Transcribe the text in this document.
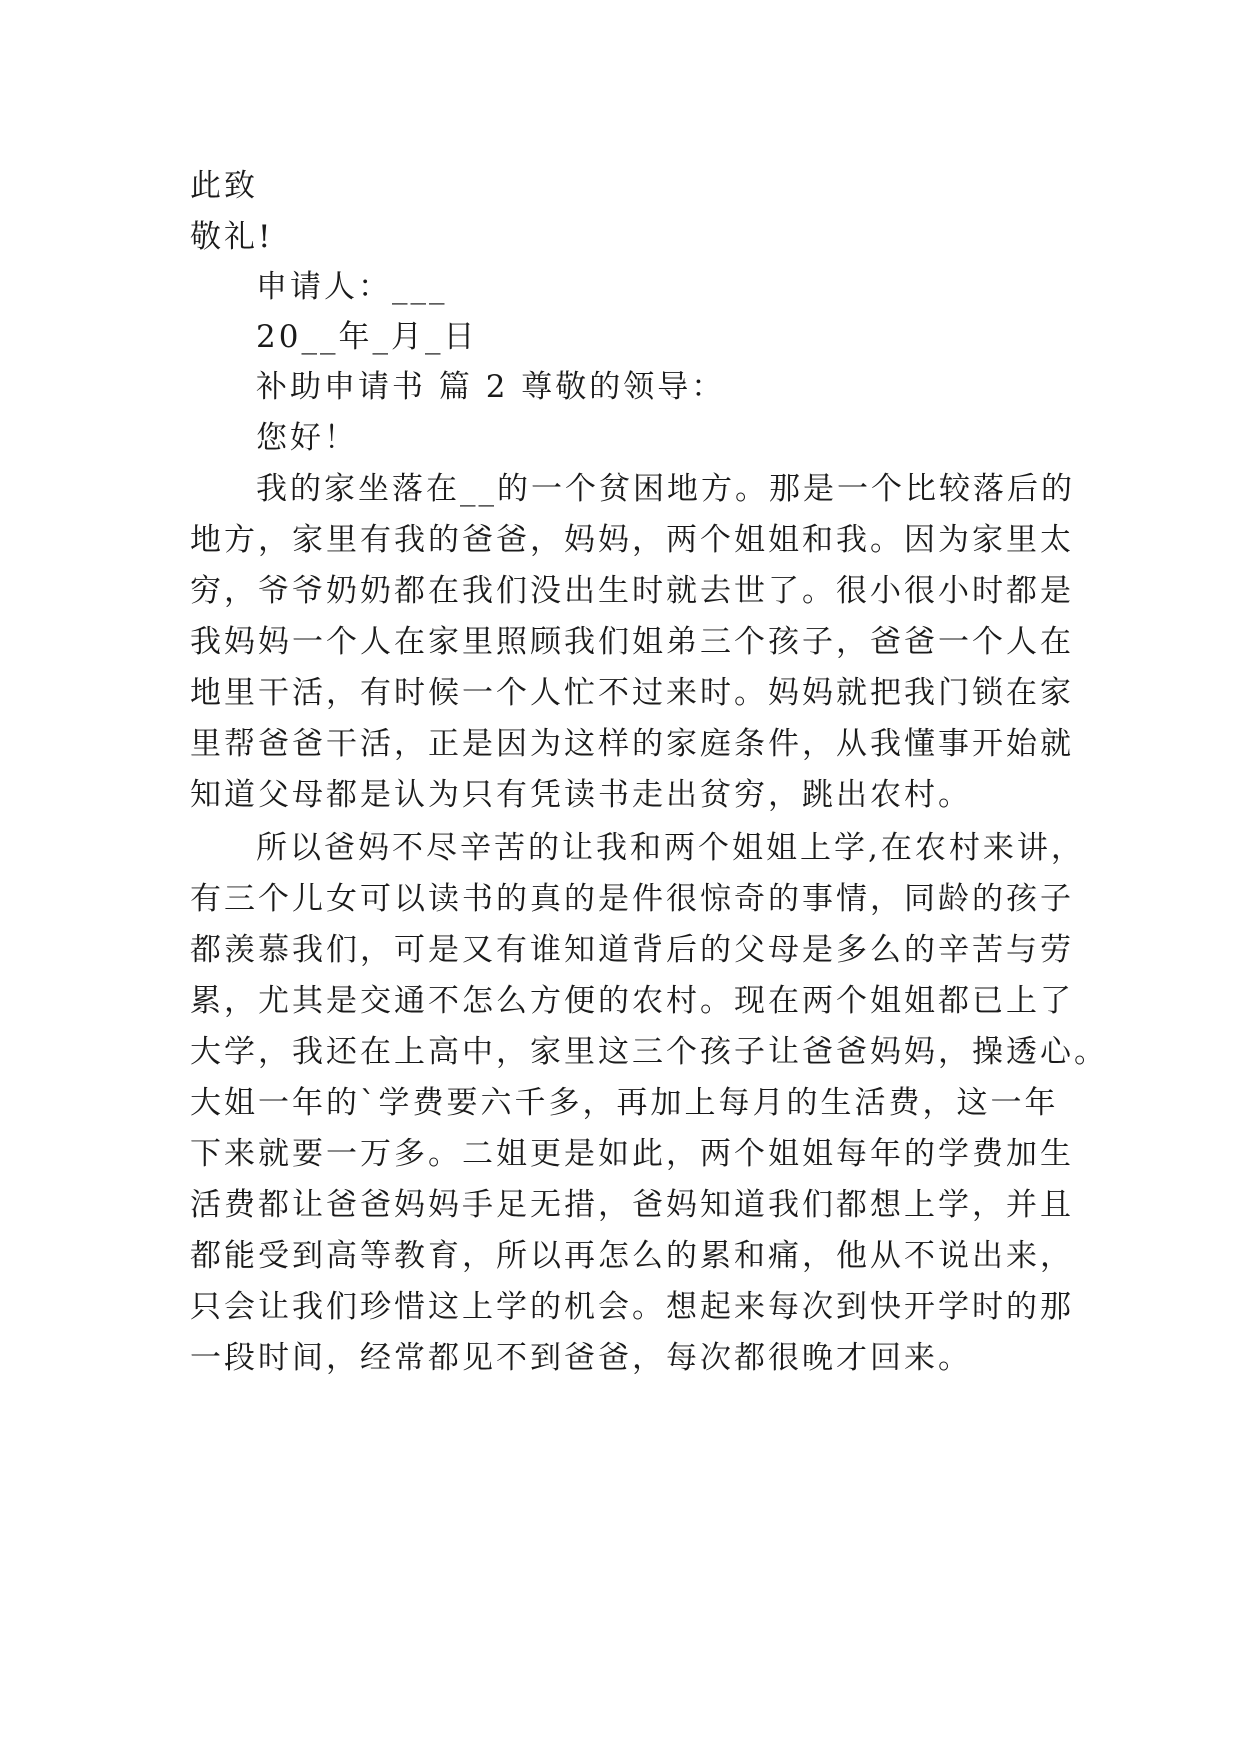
此致
敬礼!
申请人：___
20__年_月_日
补助申请书 篇 2 尊敬的领导：
您好！
我的家坐落在__的一个贫困地方。那是一个比较落后的
地方，家里有我的爸爸，妈妈，两个姐姐和我。因为家里太
穷，爷爷奶奶都在我们没出生时就去世了。很小很小时都是
我妈妈一个人在家里照顾我们姐弟三个孩子，爸爸一个人在
地里干活，有时候一个人忙不过来时。妈妈就把我门锁在家
里帮爸爸干活，正是因为这样的家庭条件，从我懂事开始就
知道父母都是认为只有凭读书走出贫穷，跳出农村。
所以爸妈不尽辛苦的让我和两个姐姐上学,在农村来讲，
有三个儿女可以读书的真的是件很惊奇的事情，同龄的孩子
都羡慕我们，可是又有谁知道背后的父母是多么的辛苦与劳
累，尤其是交通不怎么方便的农村。现在两个姐姐都已上了
大学，我还在上高中，家里这三个孩子让爸爸妈妈，操透心。
大姐一年的`学费要六千多，再加上每月的生活费，这一年
下来就要一万多。二姐更是如此，两个姐姐每年的学费加生
活费都让爸爸妈妈手足无措，爸妈知道我们都想上学，并且
都能受到高等教育，所以再怎么的累和痛，他从不说出来，
只会让我们珍惜这上学的机会。想起来每次到快开学时的那
一段时间，经常都见不到爸爸，每次都很晚才回来。
